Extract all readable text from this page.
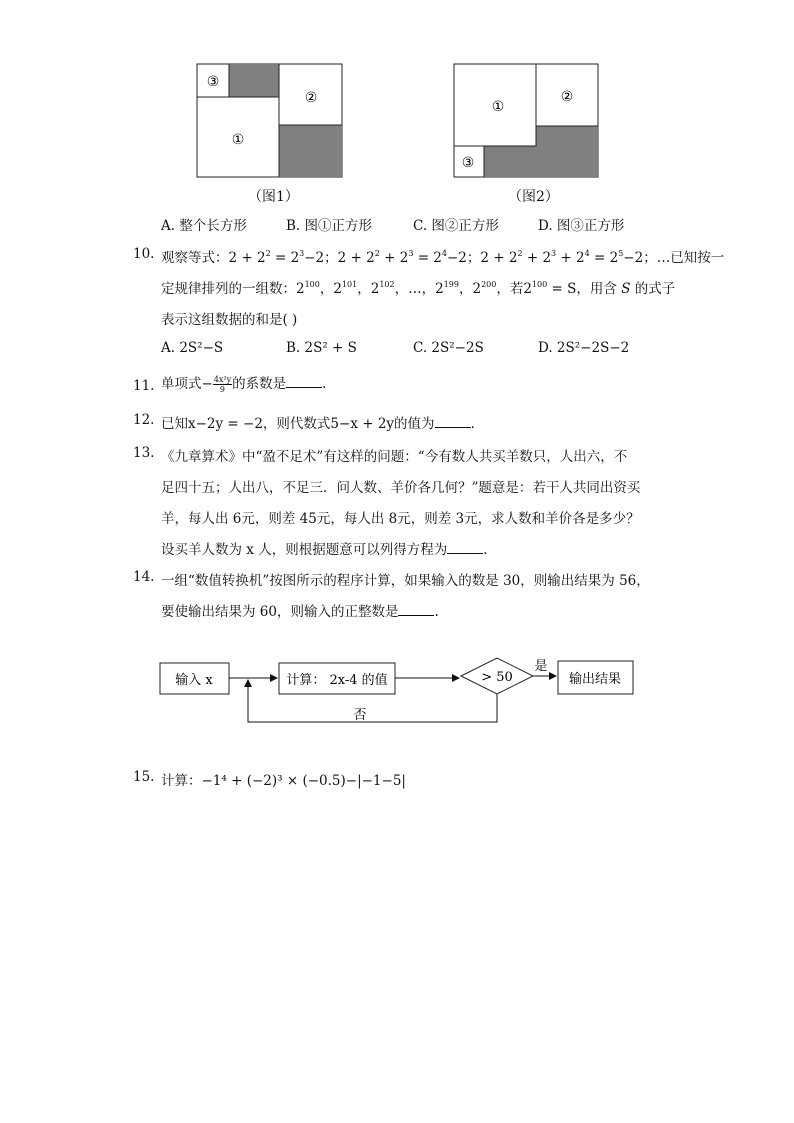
③
②
①
（图1）
①
②
③
（图2）
A. 整个长方形	B. 图①正方形	C. 图②正方形	D. 图③正方形
10. 观察等式：$2 + 2^2 = 2^3-2$；$2 + 2^2 + 2^3 = 2^4-2$；$2 + 2^2 + 2^3 + 2^4 = 2^5-2$；…已知按一
定规律排列的一组数：$2^{100}$，$2^{101}$，$2^{102}$，…，$2^{199}$，$2^{200}$，若$2^{100} = S$，用含 S 的式子
表示这组数据的和是( )
A. 2S²−S	B. 2S² + S	C. 2S²−2S	D. 2S²−2S−2
11. 单项式− $\frac{\text{4x²y}}{9}$ 的系数是	.
12. 已知x−2y = −2，则代数式5−x + 2y的值为	.
13. 《九章算术》中“盈不足术”有这样的问题：“今有数人共买羊数只，人出六，不
足四十五；人出八，不足三．问人数、羊价各几何？”题意是：若干人共同出资买
羊，每人出 6元，则差 45元，每人出 8元，则差 3元，求人数和羊价各是多少？
设买羊人数为 x 人，则根据题意可以列得方程为	.
14. 一组“数值转换机”按图所示的程序计算，如果输入的数是 30，则输出结果为 56，
要使输出结果为 60，则输入的正整数是	.
输入 x	计算： 2x-4 的值	> 50
是
输出结果
否
15. 计算：−1⁴ + (−2)³ × (−0.5)−|−1−5|
